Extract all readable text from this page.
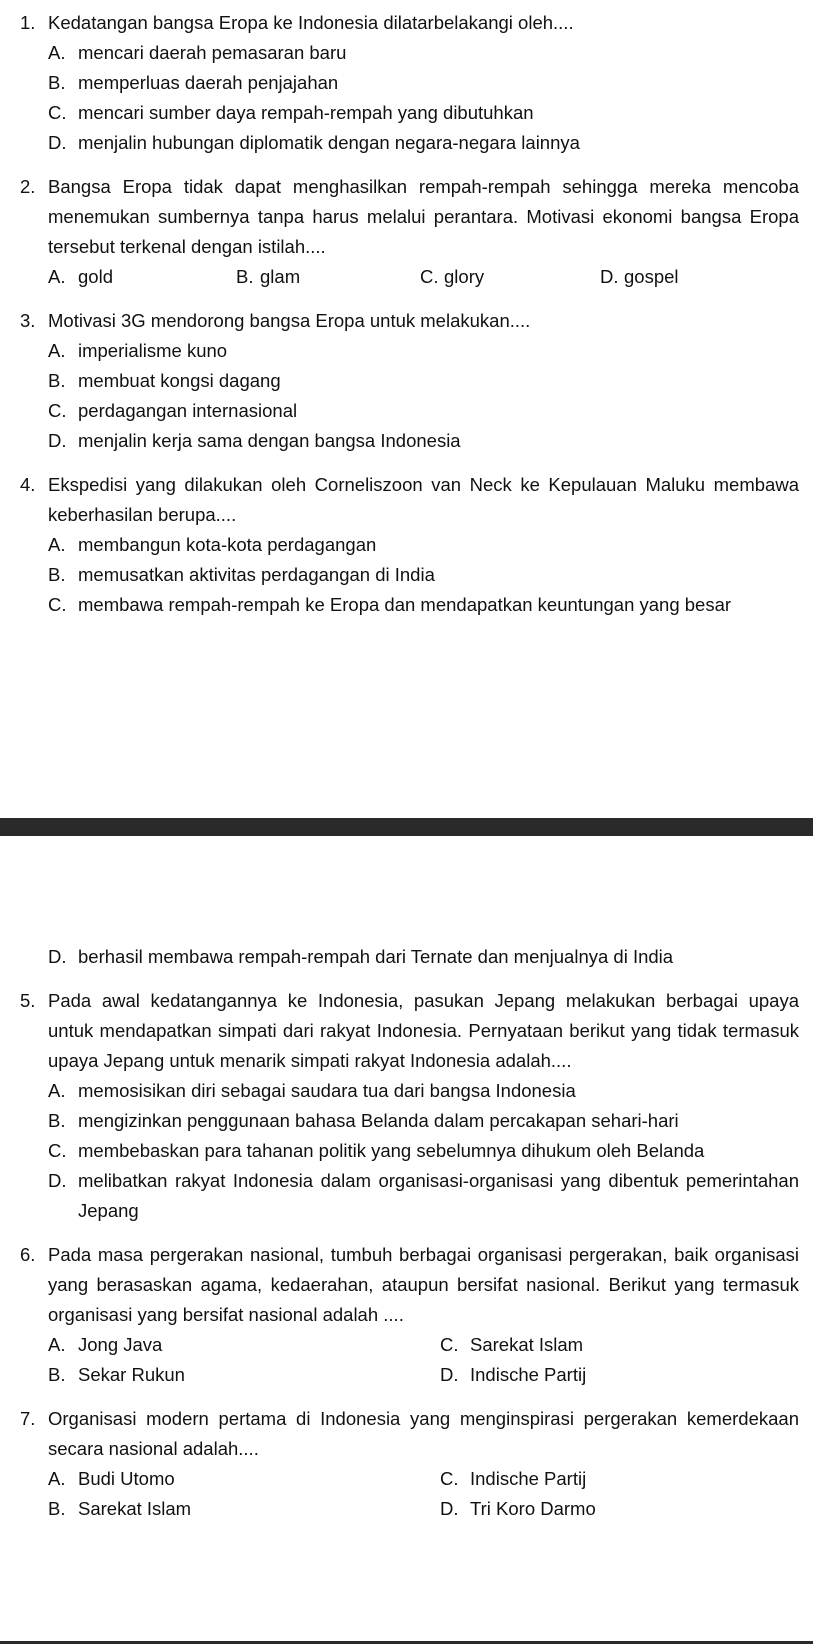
1. Kedatangan bangsa Eropa ke Indonesia dilatarbelakangi oleh....
A. mencari daerah pemasaran baru
B. memperluas daerah penjajahan
C. mencari sumber daya rempah-rempah yang dibutuhkan
D. menjalin hubungan diplomatik dengan negara-negara lainnya
2. Bangsa Eropa tidak dapat menghasilkan rempah-rempah sehingga mereka mencoba menemukan sumbernya tanpa harus melalui perantara. Motivasi ekonomi bangsa Eropa tersebut terkenal dengan istilah....
A. gold	B. glam	C. glory	D. gospel
3. Motivasi 3G mendorong bangsa Eropa untuk melakukan....
A. imperialisme kuno
B. membuat kongsi dagang
C. perdagangan internasional
D. menjalin kerja sama dengan bangsa Indonesia
4. Ekspedisi yang dilakukan oleh Corneliszoon van Neck ke Kepulauan Maluku membawa keberhasilan berupa....
A. membangun kota-kota perdagangan
B. memusatkan aktivitas perdagangan di India
C. membawa rempah-rempah ke Eropa dan mendapatkan keuntungan yang besar
D. berhasil membawa rempah-rempah dari Ternate dan menjualnya di India
5. Pada awal kedatangannya ke Indonesia, pasukan Jepang melakukan berbagai upaya untuk mendapatkan simpati dari rakyat Indonesia. Pernyataan berikut yang tidak termasuk upaya Jepang untuk menarik simpati rakyat Indonesia adalah....
A. memosisikan diri sebagai saudara tua dari bangsa Indonesia
B. mengizinkan penggunaan bahasa Belanda dalam percakapan sehari-hari
C. membebaskan para tahanan politik yang sebelumnya dihukum oleh Belanda
D. melibatkan rakyat Indonesia dalam organisasi-organisasi yang dibentuk pemerintahan Jepang
6. Pada masa pergerakan nasional, tumbuh berbagai organisasi pergerakan, baik organisasi yang berasaskan agama, kedaerahan, ataupun bersifat nasional. Berikut yang termasuk organisasi yang bersifat nasional adalah ....
A. Jong Java	C. Sarekat Islam
B. Sekar Rukun	D. Indische Partij
7. Organisasi modern pertama di Indonesia yang menginspirasi pergerakan kemerdekaan secara nasional adalah....
A. Budi Utomo	C. Indische Partij
B. Sarekat Islam	D. Tri Koro Darmo
